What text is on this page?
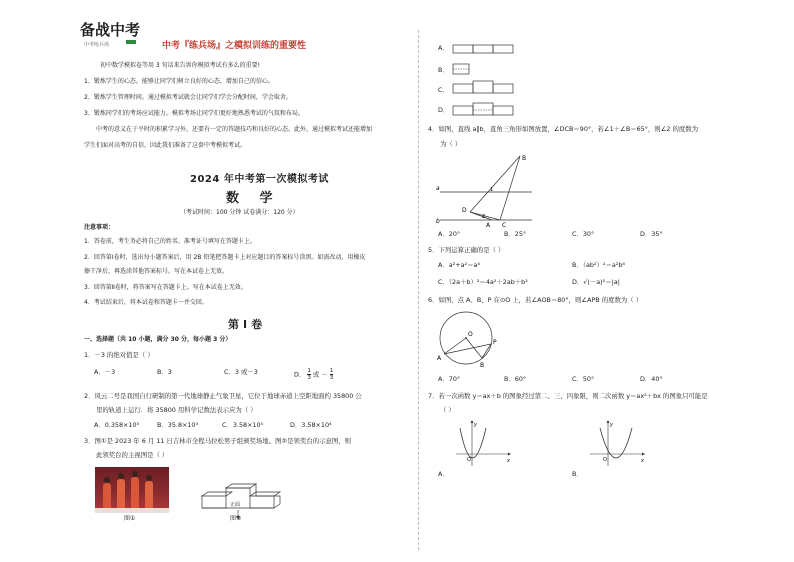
备战中考
中考练兵场	中考『练兵场』之模拟训练的重要性
初中数学模拟卷等用 3 句话来告诉你模拟考试有多么的重要!
1、锻炼学生的心态。能够让同学们树立良好的心态，增加自己的信心。
2、锻炼学生管理时间。通过模拟考试就会让同学们学会分配时间，学会取舍。
3、锻炼同学们的考场应试能力。模拟考场让同学们更好地熟悉考试的气氛和布局。
中考的意义在于平时的积累学习外，还要有一定的答题技巧和良好的心态。此外，通过模拟考试还能增加
学生们面对高考的自信，因此我们准备了这套中考模拟考试。
2024 年中考第一次模拟考试
数 学
（考试时间：100 分钟 试卷满分：120 分）
注意事项：
1．答卷前，考生务必将自己的姓名、准考证号填写在答题卡上。
2．回答第Ⅰ卷时，选出每小题答案后，用 2B 铅笔把答题卡上对应题目的答案标号涂黑。如需改动，用橡皮
擦干净后，再选涂其他答案标号。写在本试卷上无效。
3．回答第Ⅱ卷时，将答案写在答题卡上。写在本试卷上无效。
4．考试结束后，将本试卷和答题卡一并交回。
第Ⅰ卷
一、选择题（共 10 小题，满分 30 分，每小题 3 分）
1．－3 的绝对值是（ ）
A．－3	B．3	C．3 或－3	D． $\frac{1}{3}$ 或 － $\frac{1}{3}$
2．风云二号是我国自行研制的第一代地球静止气象卫星，它位于地球赤道上空距地面约 35800 公
里的轨道上运行．将 35800 用科学记数法表示应为（ ）
A．0.358×10⁵	B．35.8×10³	C．3.58×10⁵	D．3.58×10⁴
3．图①是 2023 年 6 月 11 日吉林市全程马拉松男子组颁奖场地。图②是领奖台的示意图，则
此领奖台的主视图是（ ）
图①
正面
图②
A．
B．
C．
D．
4．如图，直线 a∥b，直角三角形如图放置，∠DCB＝90°，若∠1＋∠B＝65°，则∠2 的度数为
为（ ）
B
a
b
D
A C
1
2
A．20°	B．25°	C．30°	D．35°
5．下列运算正确的是（ ）
A．a²+a²＝a⁴	B．（ab²）²＝a²b⁴
C．（2a＋b）²＝4a²＋2ab＋b²	D．√(－a)²＝|a|
6．如图，点 A、B、P 在⊙O 上，若∠AOB＝80°，则∠APB 的度数为（ ）
O
A
B
P
A．70°	B．60°	C．50°	D．40°
7．若一次函数 y＝ax＋b 的图象经过第二、三、四象限，则二次函数 y＝ax²＋bx 的图象只可能是
（ ）
x
y
O
A．
x
y
O
B．
